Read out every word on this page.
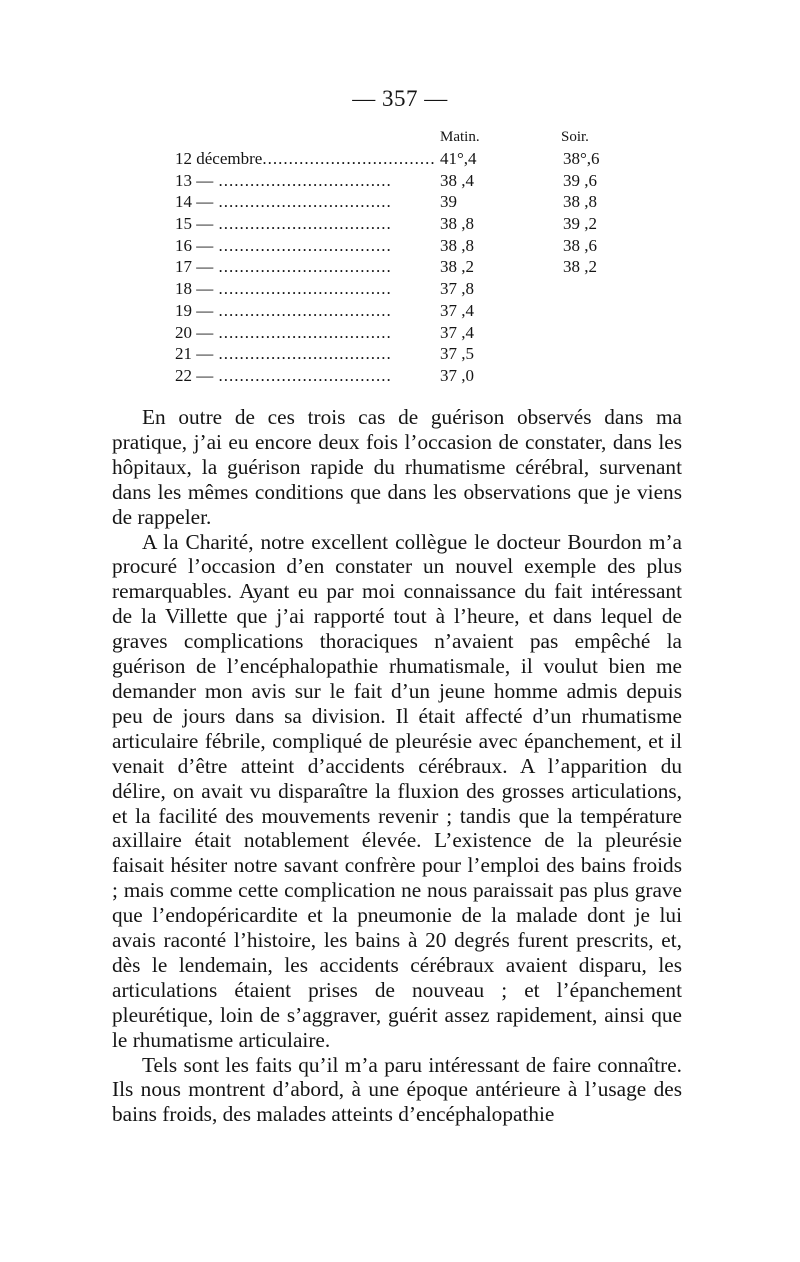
— 357 —
Matin.	Soir.
12 décembre................................. 41°,4	38°,6
13 — .................................	38 ,4	39 ,6
14 — .................................	39	38 ,8
15 — .................................	38 ,8	39 ,2
16 — .................................	38 ,8	38 ,6
17 — .................................	38 ,2	38 ,2
18 — .................................	37 ,8
19 — .................................	37 ,4
20 — .................................	37 ,4
21 — .................................	37 ,5
22 — .................................	37 ,0

En outre de ces trois cas de guérison observés dans ma pratique, j’ai eu encore deux fois l’occasion de constater, dans les hôpitaux, la guérison rapide du rhumatisme cérébral, survenant dans les mêmes conditions que dans les observations que je viens de rappeler.

A la Charité, notre excellent collègue le docteur Bourdon m’a procuré l’occasion d’en constater un nouvel exemple des plus remarquables. Ayant eu par moi connaissance du fait intéressant de la Villette que j’ai rapporté tout à l’heure, et dans lequel de graves complications thoraciques n’avaient pas empêché la guérison de l’encéphalopathie rhumatismale, il voulut bien me demander mon avis sur le fait d’un jeune homme admis depuis peu de jours dans sa division. Il était affecté d’un rhumatisme articulaire fébrile, compliqué de pleurésie avec épanchement, et il venait d’être atteint d’accidents cérébraux. A l’apparition du délire, on avait vu disparaître la fluxion des grosses articulations, et la facilité des mouvements revenir ; tandis que la température axillaire était notablement élevée. L’existence de la pleurésie faisait hésiter notre savant confrère pour l’emploi des bains froids ; mais comme cette complication ne nous paraissait pas plus grave que l’endopéricardite et la pneumonie de la malade dont je lui avais raconté l’histoire, les bains à 20 degrés furent prescrits, et, dès le lendemain, les accidents cérébraux avaient disparu, les articulations étaient prises de nouveau ; et l’épanchement pleurétique, loin de s’aggraver, guérit assez rapidement, ainsi que le rhumatisme articulaire.

Tels sont les faits qu’il m’a paru intéressant de faire connaître. Ils nous montrent d’abord, à une époque antérieure à l’usage des bains froids, des malades atteints d’encéphalopathie
